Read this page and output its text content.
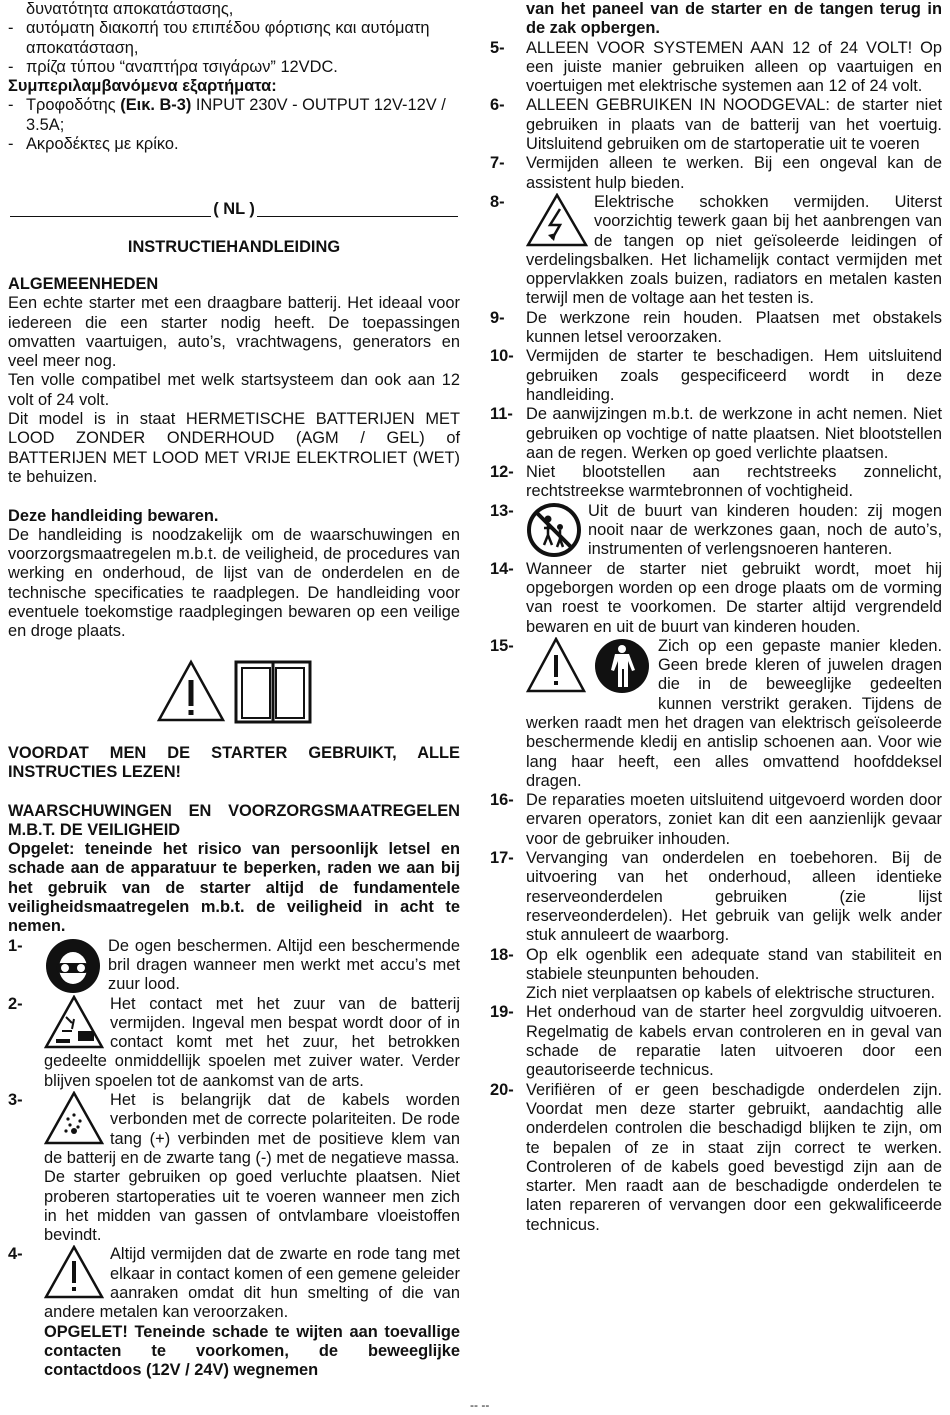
δυνατότητα αποκατάστασης,
- αυτόματη διακοπή του επιπέδου φόρτισης και αυτόματη αποκατάσταση,
- πρίζα τύπου “αναπτήρα τσιγάρων” 12VDC.

Συμπεριλαμβανόμενα εξαρτήματα:

- Τροφοδότης (Εικ. B-3) INPUT 230V - OUTPUT 12V-12V / 3.5A;
- Ακροδέκτες με κρίκο.
( NL )
INSTRUCTIEHANDLEIDING

ALGEMEENHEDEN

Een echte starter met een draagbare batterij. Het ideaal voor iedereen die een starter nodig heeft. De toepassingen omvatten vaartuigen, auto’s, vrachtwagens, generators en veel meer nog.

Ten volle compatibel met welk startsysteem dan ook aan 12 volt of 24 volt.

Dit model is in staat HERMETISCHE BATTERIJEN MET LOOD ZONDER ONDERHOUD (AGM / GEL) of BATTERIJEN MET LOOD MET VRIJE ELEKTROLIET (WET) te behuizen.

Deze handleiding bewaren.

De handleiding is noodzakelijk om de waarschuwingen en voorzorgsmaatregelen m.b.t. de veiligheid, de procedures van werking en onderhoud, de lijst van de onderdelen en de technische specificaties te raadplegen. De handleiding voor eventuele toekomstige raadplegingen bewaren op een veilige en droge plaats.

VOORDAT MEN DE STARTER GEBRUIKT, ALLE INSTRUCTIES LEZEN!

WAARSCHUWINGEN EN VOORZORGSMAATREGELEN M.B.T. DE VEILIGHEID

Opgelet: teneinde het risico van persoonlijk letsel en schade aan de apparatuur te beperken, raden we aan bij het gebruik van de starter altijd de fundamentele veiligheidsmaatregelen m.b.t. de veiligheid in acht te nemen.

1-	De ogen beschermen. Altijd een beschermende bril dragen wanneer men werkt met accu’s met zuur lood.

2-	Het contact met het zuur van de batterij vermijden. Ingeval men bespat wordt door of in contact komt met het zuur, het betrokken gedeelte onmiddellijk spoelen met zuiver water. Verder blijven spoelen tot de aankomst van de arts.

3-	Het is belangrijk dat de kabels worden verbonden met de correcte polariteiten. De rode tang (+) verbinden met de positieve klem van de batterij en de zwarte tang (-) met de negatieve massa.

De starter gebruiken op goed verluchte plaatsen. Niet proberen startoperaties uit te voeren wanneer men zich in het midden van gassen of ontvlambare vloeistoffen bevindt.

4-	Altijd vermijden dat de zwarte en rode tang met elkaar in contact komen of een gemene geleider aanraken omdat dit hun smelting of die van andere metalen kan veroorzaken.

OPGELET! Teneinde schade te wijten aan toevallige contacten te voorkomen, de beweeglijke contactdoos (12V / 24V) wegnemen

van het paneel van de starter en de tangen terug in de zak opbergen.

5-	ALLEEN VOOR SYSTEMEN AAN 12 of 24 VOLT! Op een juiste manier gebruiken alleen op vaartuigen en voertuigen met elektrische systemen aan 12 of 24 volt.

6-	ALLEEN GEBRUIKEN IN NOODGEVAL: de starter niet gebruiken in plaats van de batterij van het voertuig. Uitsluitend gebruiken om de startoperatie uit te voeren

7-	Vermijden alleen te werken. Bij een ongeval kan de assistent hulp bieden.

8-	Elektrische schokken vermijden. Uiterst voorzichtig tewerk gaan bij het aanbrengen van de tangen op niet geïsoleerde leidingen of verdelingsbalken. Het lichamelijk contact vermijden met oppervlakken zoals buizen, radiators en metalen kasten terwijl men de voltage aan het testen is.

9-	De werkzone rein houden. Plaatsen met obstakels kunnen letsel veroorzaken.

10- Vermijden de starter te beschadigen. Hem uitsluitend gebruiken zoals gespecificeerd wordt in deze handleiding.

11- De aanwijzingen m.b.t. de werkzone in acht nemen. Niet gebruiken op vochtige of natte plaatsen. Niet blootstellen aan de regen. Werken op goed verlichte plaatsen.

12- Niet blootstellen aan rechtstreeks zonnelicht, rechtstreekse warmtebronnen of vochtigheid.

13-	Uit de buurt van kinderen houden: zij mogen nooit naar de werkzones gaan, noch de auto’s, instrumenten of verlengsnoeren hanteren.

14- Wanneer de starter niet gebruikt wordt, moet hij opgeborgen worden op een droge plaats om de vorming van roest te voorkomen. De starter altijd vergrendeld bewaren en uit de buurt van kinderen houden.

15-	Zich op een gepaste manier kleden. Geen brede kleren of juwelen dragen die in de beweeglijke gedeelten kunnen verstrikt geraken. Tijdens de werken raadt men het dragen van elektrisch geïsoleerde beschermende kledij en antislip schoenen aan. Voor wie lang haar heeft, een alles omvattend hoofddeksel dragen.

16- De reparaties moeten uitsluitend uitgevoerd worden door ervaren operators, zoniet kan dit een aanzienlijk gevaar voor de gebruiker inhouden.

17- Vervanging van onderdelen en toebehoren. Bij de uitvoering van het onderhoud, alleen identieke reserveonderdelen gebruiken (zie lijst reserveonderdelen). Het gebruik van gelijk welk ander stuk annuleert de waarborg.

18- Op elk ogenblik een adequate stand van stabiliteit en stabiele steunpunten behouden.

Zich niet verplaatsen op kabels of elektrische structuren.

19- Het onderhoud van de starter heel zorgvuldig uitvoeren. Regelmatig de kabels ervan controleren en in geval van schade de reparatie laten uitvoeren door een geautoriseerde technicus.

20- Verifiëren of er geen beschadigde onderdelen zijn. Voordat men deze starter gebruikt, aandachtig alle onderdelen controlen die beschadigd blijken te zijn, om te bepalen of ze in staat zijn correct te werken. Controleren of de kabels goed bevestigd zijn aan de starter. Men raadt aan de beschadigde onderdelen te laten repareren of vervangen door een gekwalificeerde technicus.

-- --
